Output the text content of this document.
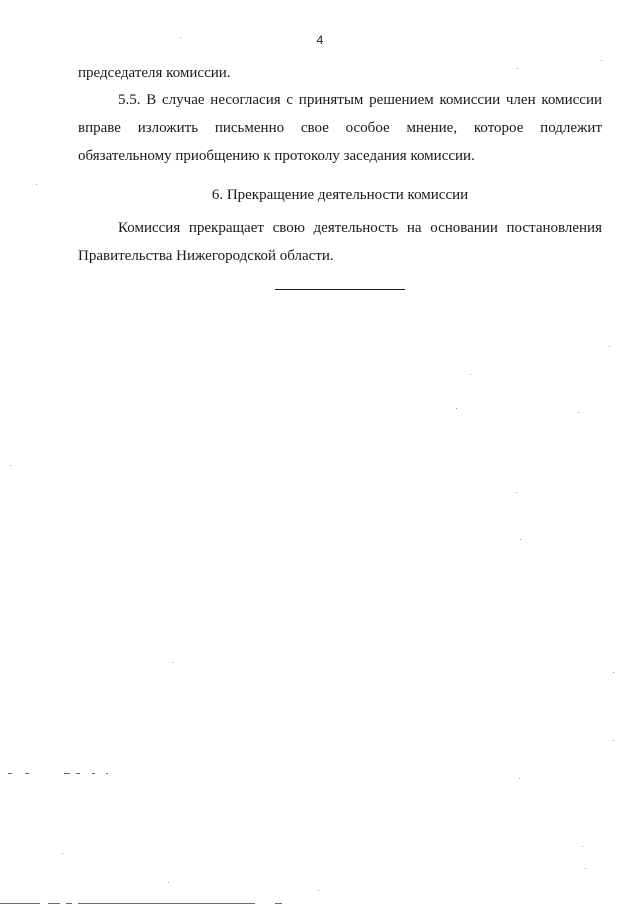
4
председателя комиссии.
5.5. В случае несогласия с принятым решением комиссии член комиссии
вправе изложить письменно свое особое мнение, которое подлежит
обязательному приобщению к протоколу заседания комиссии.
6. Прекращение деятельности комиссии
Комиссия прекращает свою деятельность на основании постановления
Правительства Нижегородской области.
